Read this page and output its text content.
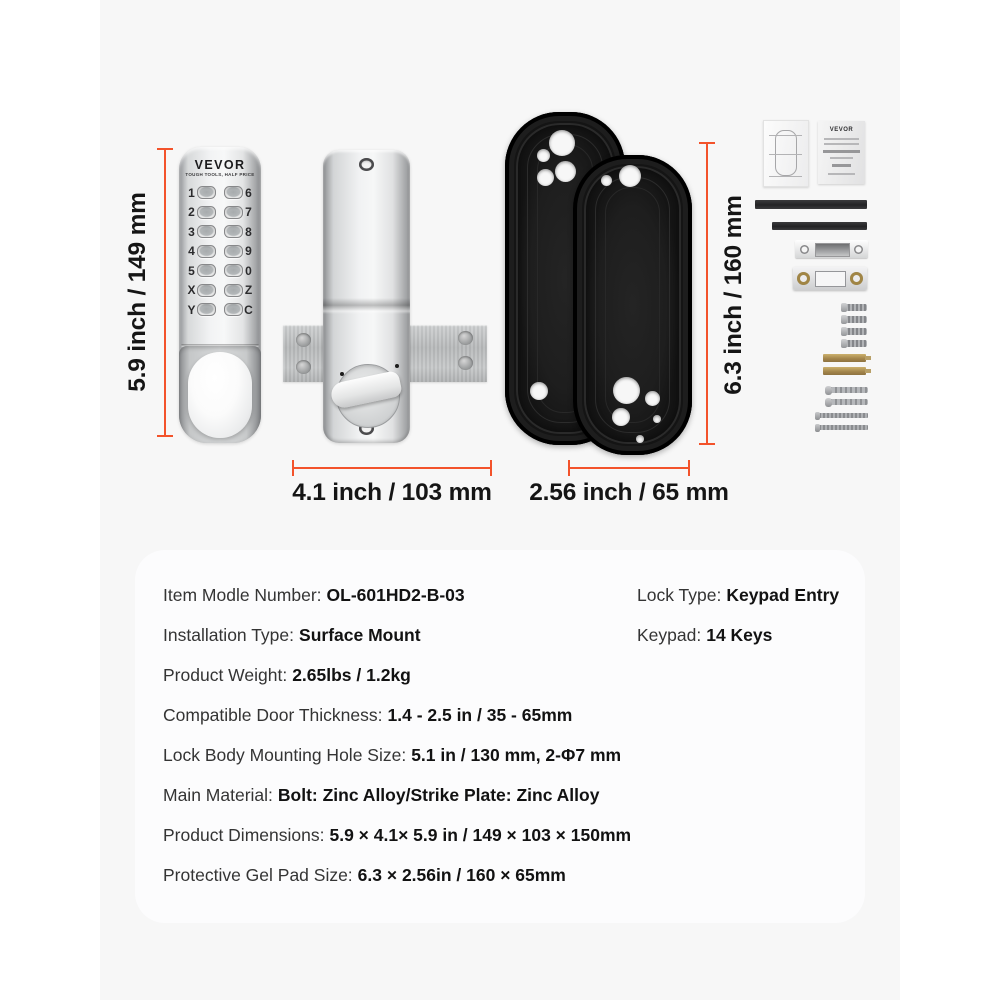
VEVOR
TOUGH TOOLS, HALF PRICE
1	6
2	7
3	8
4	9
5	0
X	Z
Y	C
5.9 inch / 149 mm
4.1 inch / 103 mm	2.56 inch / 65 mm
6.3 inch / 160 mm
VEVOR
Item Modle Number: OL-601HD2-B-03
Installation Type: Surface Mount
Product Weight: 2.65lbs / 1.2kg
Compatible Door Thickness: 1.4 - 2.5 in / 35 - 65mm
Lock Body Mounting Hole Size: 5.1 in / 130 mm, 2-Φ7 mm
Main Material: Bolt: Zinc Alloy/Strike Plate: Zinc Alloy
Product Dimensions: 5.9 × 4.1× 5.9 in / 149 × 103 × 150mm
Protective Gel Pad Size: 6.3 × 2.56in / 160 × 65mm
Lock Type: Keypad Entry
Keypad: 14 Keys
